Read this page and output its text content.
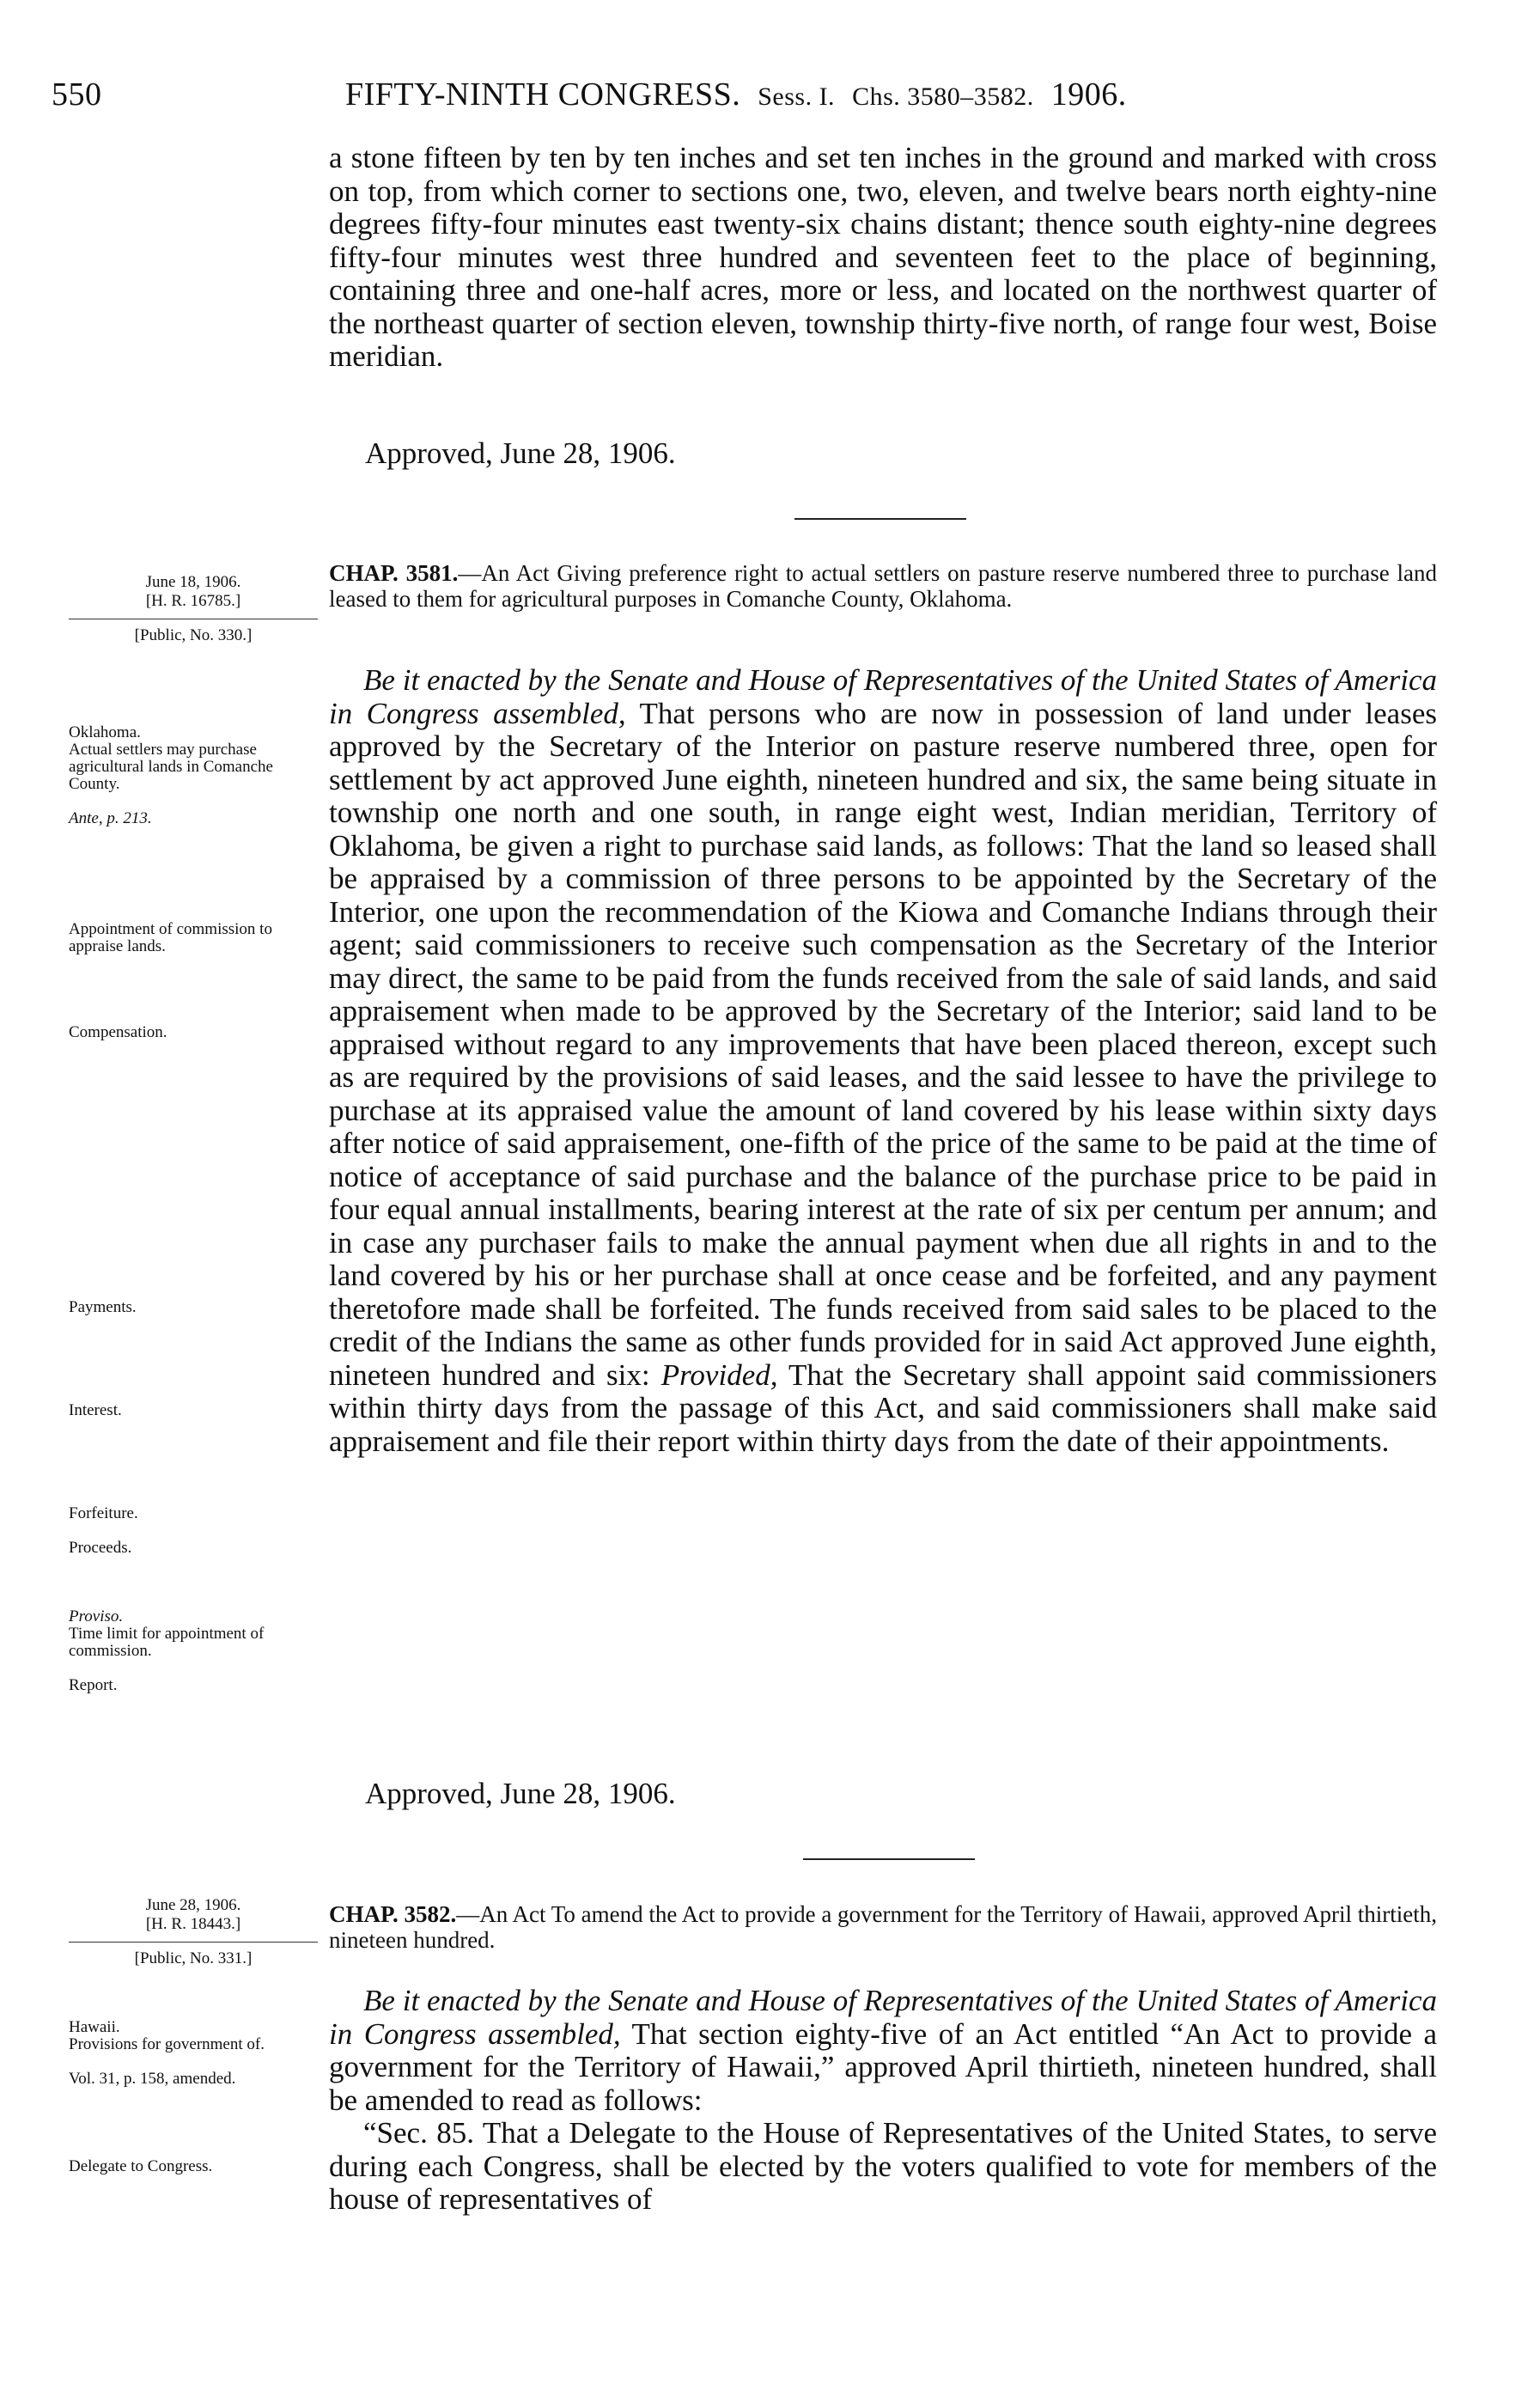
550	FIFTY-NINTH CONGRESS. Sess. I. Chs. 3580–3582. 1906.

a stone fifteen by ten by ten inches and set ten inches in the ground and marked with cross on top, from which corner to sections one, two, eleven, and twelve bears north eighty-nine degrees fifty-four minutes east twenty-six chains distant; thence south eighty-nine degrees fifty-four minutes west three hundred and seventeen feet to the place of beginning, containing three and one-half acres, more or less, and located on the northwest quarter of the northeast quarter of section eleven, township thirty-five north, of range four west, Boise meridian.

Approved, June 28, 1906.
June 18, 1906.
[H. R. 16785.]
[Public, No. 330.]
CHAP. 3581.—An Act Giving preference right to actual settlers on pasture reserve numbered three to purchase land leased to them for agricultural purposes in Comanche County, Oklahoma.

Be it enacted by the Senate and House of Representatives of the United States of America in Congress assembled, That persons who are now in possession of land under leases approved by the Secretary of the Interior on pasture reserve numbered three, open for settlement by act approved June eighth, nineteen hundred and six, the same being situate in township one north and one south, in range eight west, Indian meridian, Territory of Oklahoma, be given a right to purchase said lands, as follows: That the land so leased shall be appraised by a commission of three persons to be appointed by the Secretary of the Interior, one upon the recommendation of the Kiowa and Comanche Indians through their agent; said commissioners to receive such compensation as the Secretary of the Interior may direct, the same to be paid from the funds received from the sale of said lands, and said appraisement when made to be approved by the Secretary of the Interior; said land to be appraised without regard to any improvements that have been placed thereon, except such as are required by the provisions of said leases, and the said lessee to have the privilege to purchase at its appraised value the amount of land covered by his lease within sixty days after notice of said appraisement, one-fifth of the price of the same to be paid at the time of notice of acceptance of said purchase and the balance of the purchase price to be paid in four equal annual installments, bearing interest at the rate of six per centum per annum; and in case any purchaser fails to make the annual payment when due all rights in and to the land covered by his or her purchase shall at once cease and be forfeited, and any payment theretofore made shall be forfeited. The funds received from said sales to be placed to the credit of the Indians the same as other funds provided for in said Act approved June eighth, nineteen hundred and six: Provided, That the Secretary shall appoint said commissioners within thirty days from the passage of this Act, and said commissioners shall make said appraisement and file their report within thirty days from the date of their appointments.

Approved, June 28, 1906.
Oklahoma.
Actual settlers may purchase agricultural lands in Comanche County.
Ante, p. 213.
Appointment of commission to appraise lands.
Compensation.
Payments.
Interest.
Forfeiture.
Proceeds.
Proviso.
Time limit for appointment of commission.
Report.
June 28, 1906.
[H. R. 18443.]
[Public, No. 331.]
CHAP. 3582.—An Act To amend the Act to provide a government for the Territory of Hawaii, approved April thirtieth, nineteen hundred.

Be it enacted by the Senate and House of Representatives of the United States of America in Congress assembled, That section eighty-five of an Act entitled “An Act to provide a government for the Territory of Hawaii,” approved April thirtieth, nineteen hundred, shall be amended to read as follows:

“Sec. 85. That a Delegate to the House of Representatives of the United States, to serve during each Congress, shall be elected by the voters qualified to vote for members of the house of representatives of

Hawaii.
Provisions for government of.
Vol. 31, p. 158, amended.
Delegate to Congress.
